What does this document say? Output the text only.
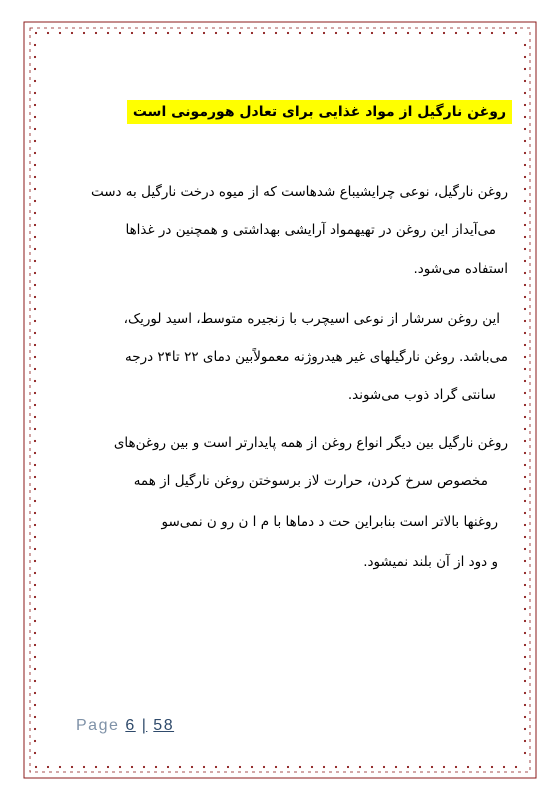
روغن نارگیل از مواد غذایی برای تعادل هورمونی است
روغن نارگیل، نوعی چرایشیباع شدهاست که از میوه درخت نارگیل به دست
می‌آیداز این روغن در تهیهمواد آرایشی بهداشتی و همچنین در غذاها
استفاده می‌شود.
این روغن سرشار از نوعی اسیچرب با زنجیره متوسط، اسید لوریک،
می‌باشد. روغن نارگیلهای غیر هیدروژنه معمولاًبین دمای ۲۲ تا۲۴ درجه
سانتی گراد ذوب می‌شوند.
روغن نارگیل بین دیگر انواع روغن از همه پایدارتر است و بین روغن‌های
مخصوص سرخ کردن، حرارت لاز برسوختن روغن نارگیل از همه
روغنها بالاتر است بنابراین حت د دماها با م ا ن رو ن نمی‌سو
و دود از آن بلند نمیشود.
Page 6 | 58
